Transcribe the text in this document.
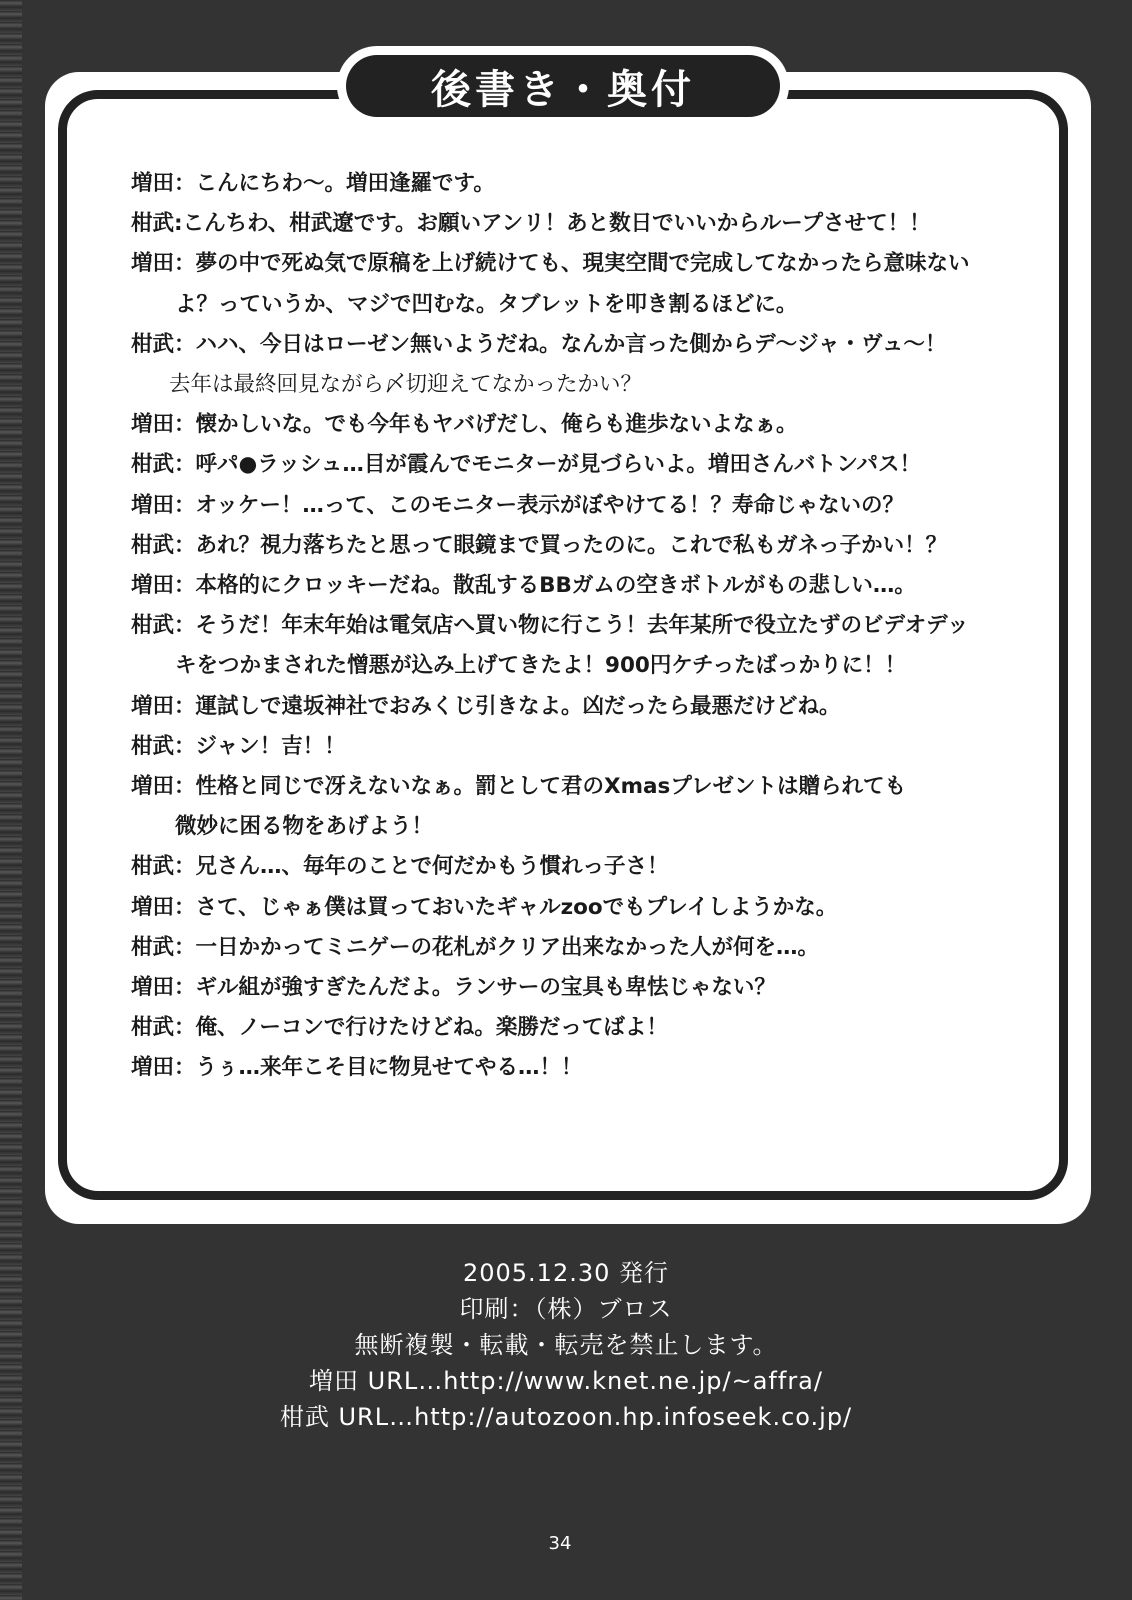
後書き・奥付
増田：こんにちわ〜。増田逢羅です。
柑武:こんちわ、柑武遼です。お願いアンリ！あと数日でいいからループさせて！！
増田：夢の中で死ぬ気で原稿を上げ続けても、現実空間で完成してなかったら意味ない
よ？っていうか、マジで凹むな。タブレットを叩き割るほどに。
柑武：ハハ、今日はローゼン無いようだね。なんか言った側からデ〜ジャ・ヴュ〜！
去年は最終回見ながら〆切迎えてなかったかい？
増田：懐かしいな。でも今年もヤバげだし、俺らも進歩ないよなぁ。
柑武：呼パ●ラッシュ…目が霞んでモニターが見づらいよ。増田さんバトンパス！
増田：オッケー！…って、このモニター表示がぼやけてる！？寿命じゃないの？
柑武：あれ？視力落ちたと思って眼鏡まで買ったのに。これで私もガネっ子かい！？
増田：本格的にクロッキーだね。散乱するBBガムの空きボトルがもの悲しい…。
柑武：そうだ！年末年始は電気店へ買い物に行こう！去年某所で役立たずのビデオデッ
キをつかまされた憎悪が込み上げてきたよ！900円ケチったばっかりに！！
増田：運試しで遠坂神社でおみくじ引きなよ。凶だったら最悪だけどね。
柑武：ジャン！吉！！
増田：性格と同じで冴えないなぁ。罰として君のXmasプレゼントは贈られても
微妙に困る物をあげよう！
柑武：兄さん…、毎年のことで何だかもう慣れっ子さ！
増田：さて、じゃぁ僕は買っておいたギャルzooでもプレイしようかな。
柑武：一日かかってミニゲーの花札がクリア出来なかった人が何を…。
増田：ギル組が強すぎたんだよ。ランサーの宝具も卑怯じゃない？
柑武：俺、ノーコンで行けたけどね。楽勝だってばよ！
増田：うぅ…来年こそ目に物見せてやる…！！
2005.12.30 発行
印刷：（株）ブロス
無断複製・転載・転売を禁止します。
増田 URL…http://www.knet.ne.jp/~affra/
柑武 URL…http://autozoon.hp.infoseek.co.jp/
34
